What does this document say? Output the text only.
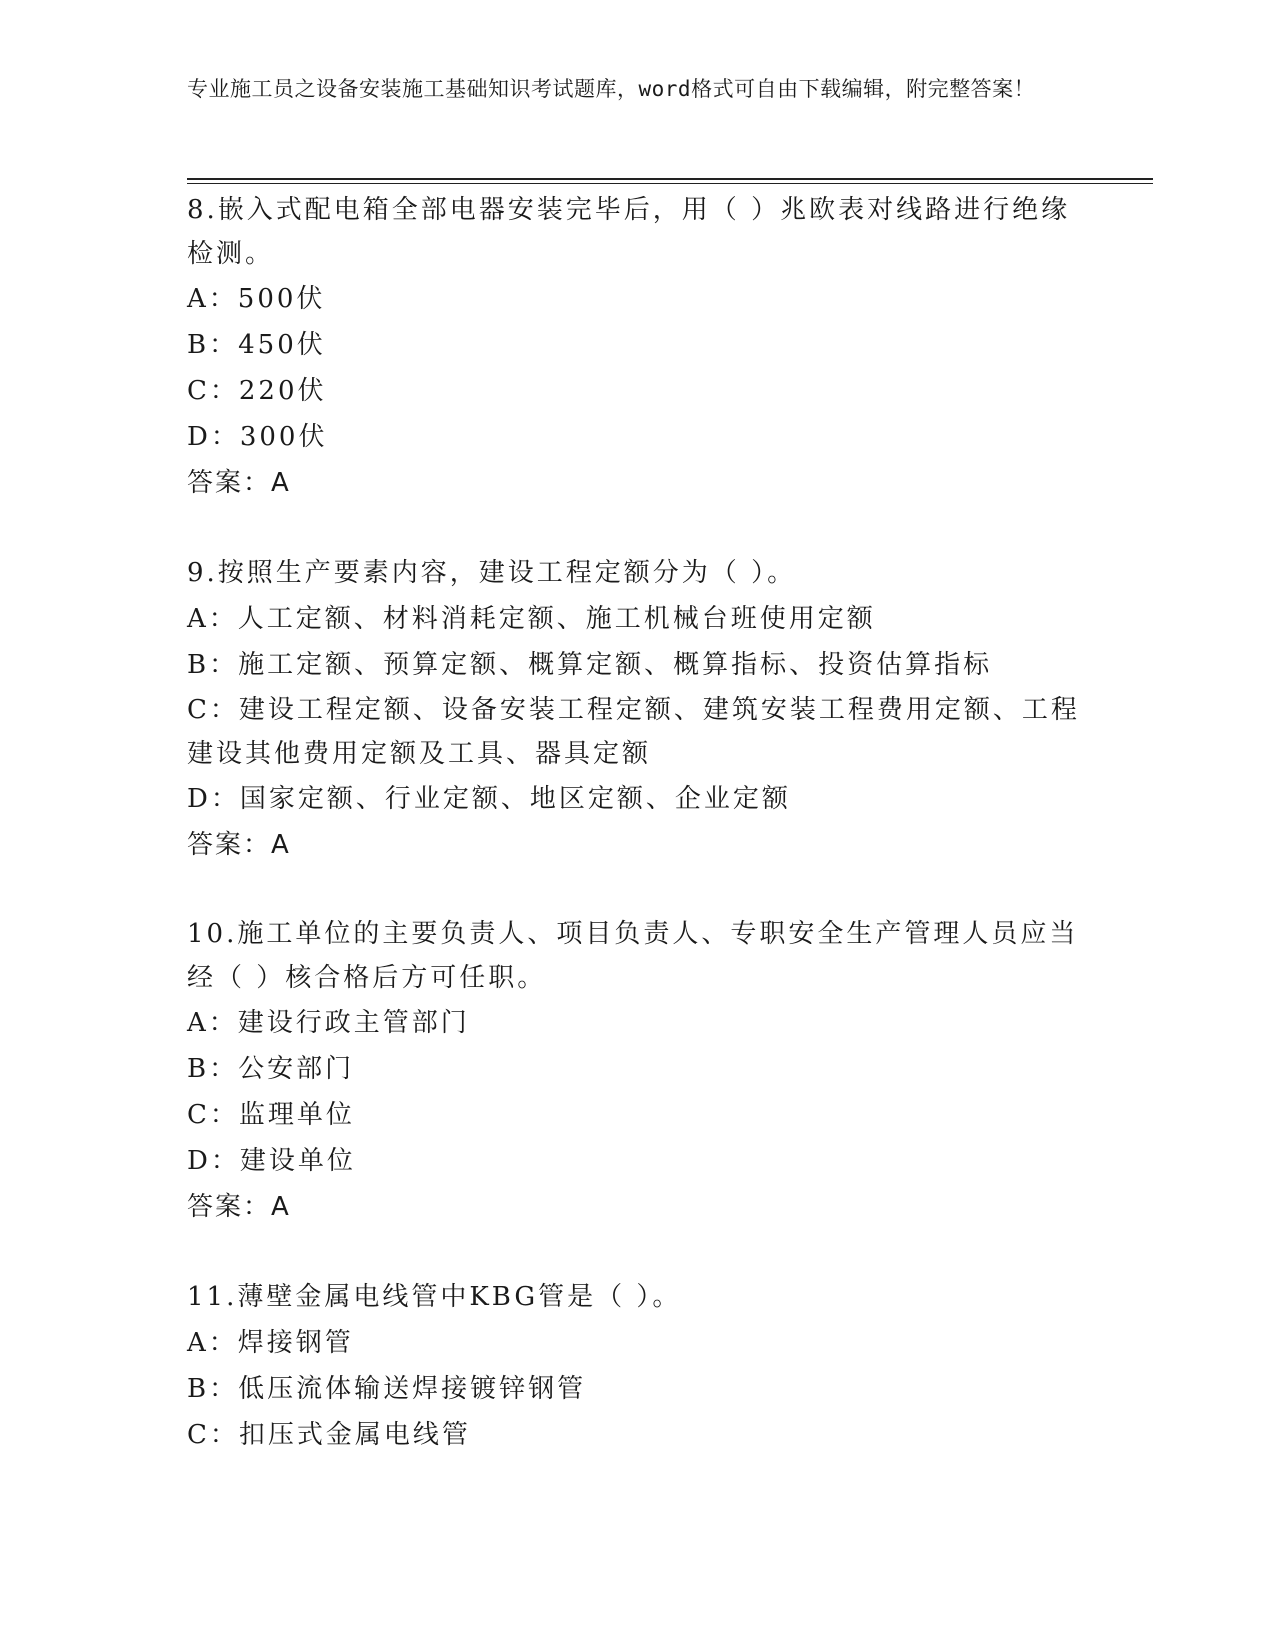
专业施工员之设备安装施工基础知识考试题库，word格式可自由下载编辑，附完整答案！
8.嵌入式配电箱全部电器安装完毕后，用（ ）兆欧表对线路进行绝缘检测。
A：500伏
B：450伏
C：220伏
D：300伏
答案：A
9.按照生产要素内容，建设工程定额分为（ ）。
A：人工定额、材料消耗定额、施工机械台班使用定额
B：施工定额、预算定额、概算定额、概算指标、投资估算指标
C：建设工程定额、设备安装工程定额、建筑安装工程费用定额、工程建设其他费用定额及工具、器具定额
D：国家定额、行业定额、地区定额、企业定额
答案：A
10.施工单位的主要负责人、项目负责人、专职安全生产管理人员应当经（ ）核合格后方可任职。
A：建设行政主管部门
B：公安部门
C：监理单位
D：建设单位
答案：A
11.薄壁金属电线管中KBG管是（ ）。
A：焊接钢管
B：低压流体输送焊接镀锌钢管
C：扣压式金属电线管
